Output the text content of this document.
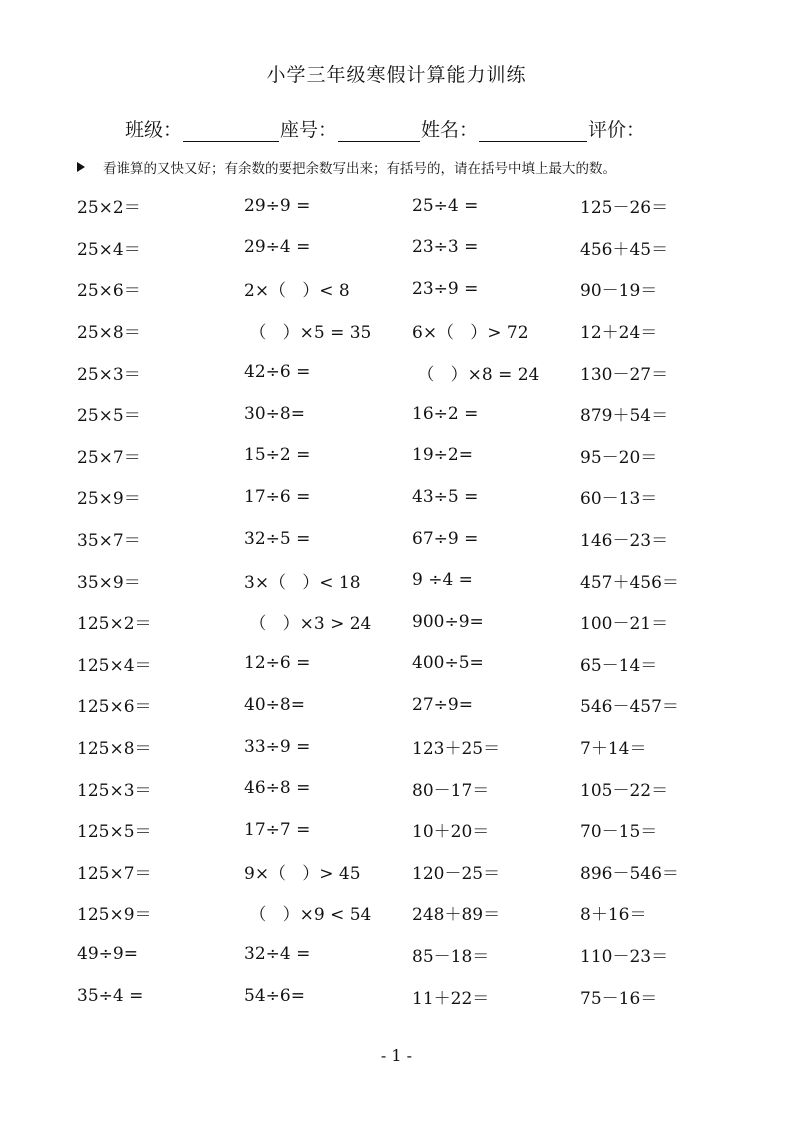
小学三年级寒假计算能力训练
班级：	座号：	姓名：	评价：
看谁算的又快又好；有余数的要把余数写出来；有括号的，请在括号中填上最大的数。
25×2＝	29÷9 =	25÷4 =	125－26＝
25×4＝	29÷4 =	23÷3 =	456＋45＝
25×6＝	2×（   ）< 8	23÷9 =	90－19＝
25×8＝	（   ）×5 = 35	6×（   ）> 72	12＋24＝
25×3＝	42÷6 =	（   ）×8 = 24	130－27＝
25×5＝	30÷8=	16÷2 =	879＋54＝
25×7＝	15÷2 =	19÷2=	95－20＝
25×9＝	17÷6 =	43÷5 =	60－13＝
35×7＝	32÷5 =	67÷9 =	146－23＝
35×9＝	3×（   ）< 18	9 ÷4 =	457＋456＝
125×2＝	（   ）×3 > 24	900÷9=	100－21＝
125×4＝	12÷6 =	400÷5=	65－14＝
125×6＝	40÷8=	27÷9=	546－457＝
125×8＝	33÷9 =	123＋25＝	7＋14＝
125×3＝	46÷8 =	80－17＝	105－22＝
125×5＝	17÷7 =	10＋20＝	70－15＝
125×7＝	9×（   ）> 45	120－25＝	896－546＝
125×9＝	（   ）×9 < 54	248＋89＝	8＋16＝
49÷9=	32÷4 =	85－18＝	110－23＝
35÷4 =	54÷6=	11＋22＝	75－16＝
- 1 -
